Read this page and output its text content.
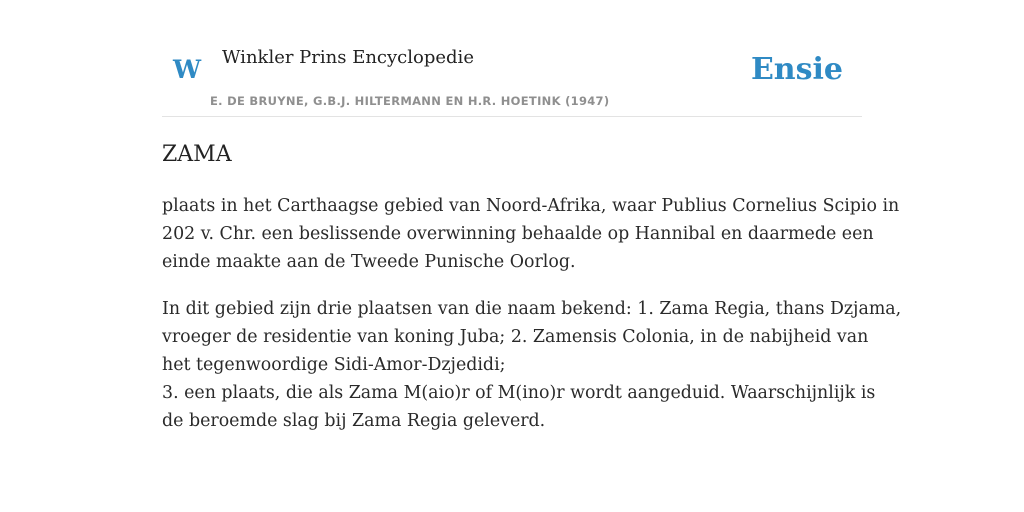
W Winkler Prins Encyclopedie
E. DE BRUYNE, G.B.J. HILTERMANN EN H.R. HOETINK (1947)
Ensie
ZAMA

plaats in het Carthaagse gebied van Noord-Afrika, waar Publius Cornelius Scipio in
202 v. Chr. een beslissende overwinning behaalde op Hannibal en daarmede een
einde maakte aan de Tweede Punische Oorlog.

In dit gebied zijn drie plaatsen van die naam bekend: 1. Zama Regia, thans Dzjama,
vroeger de residentie van koning Juba; 2. Zamensis Colonia, in de nabijheid van
het tegenwoordige Sidi-Amor-Dzjedidi;
3. een plaats, die als Zama M(aio)r of M(ino)r wordt aangeduid. Waarschijnlijk is
de beroemde slag bij Zama Regia geleverd.
